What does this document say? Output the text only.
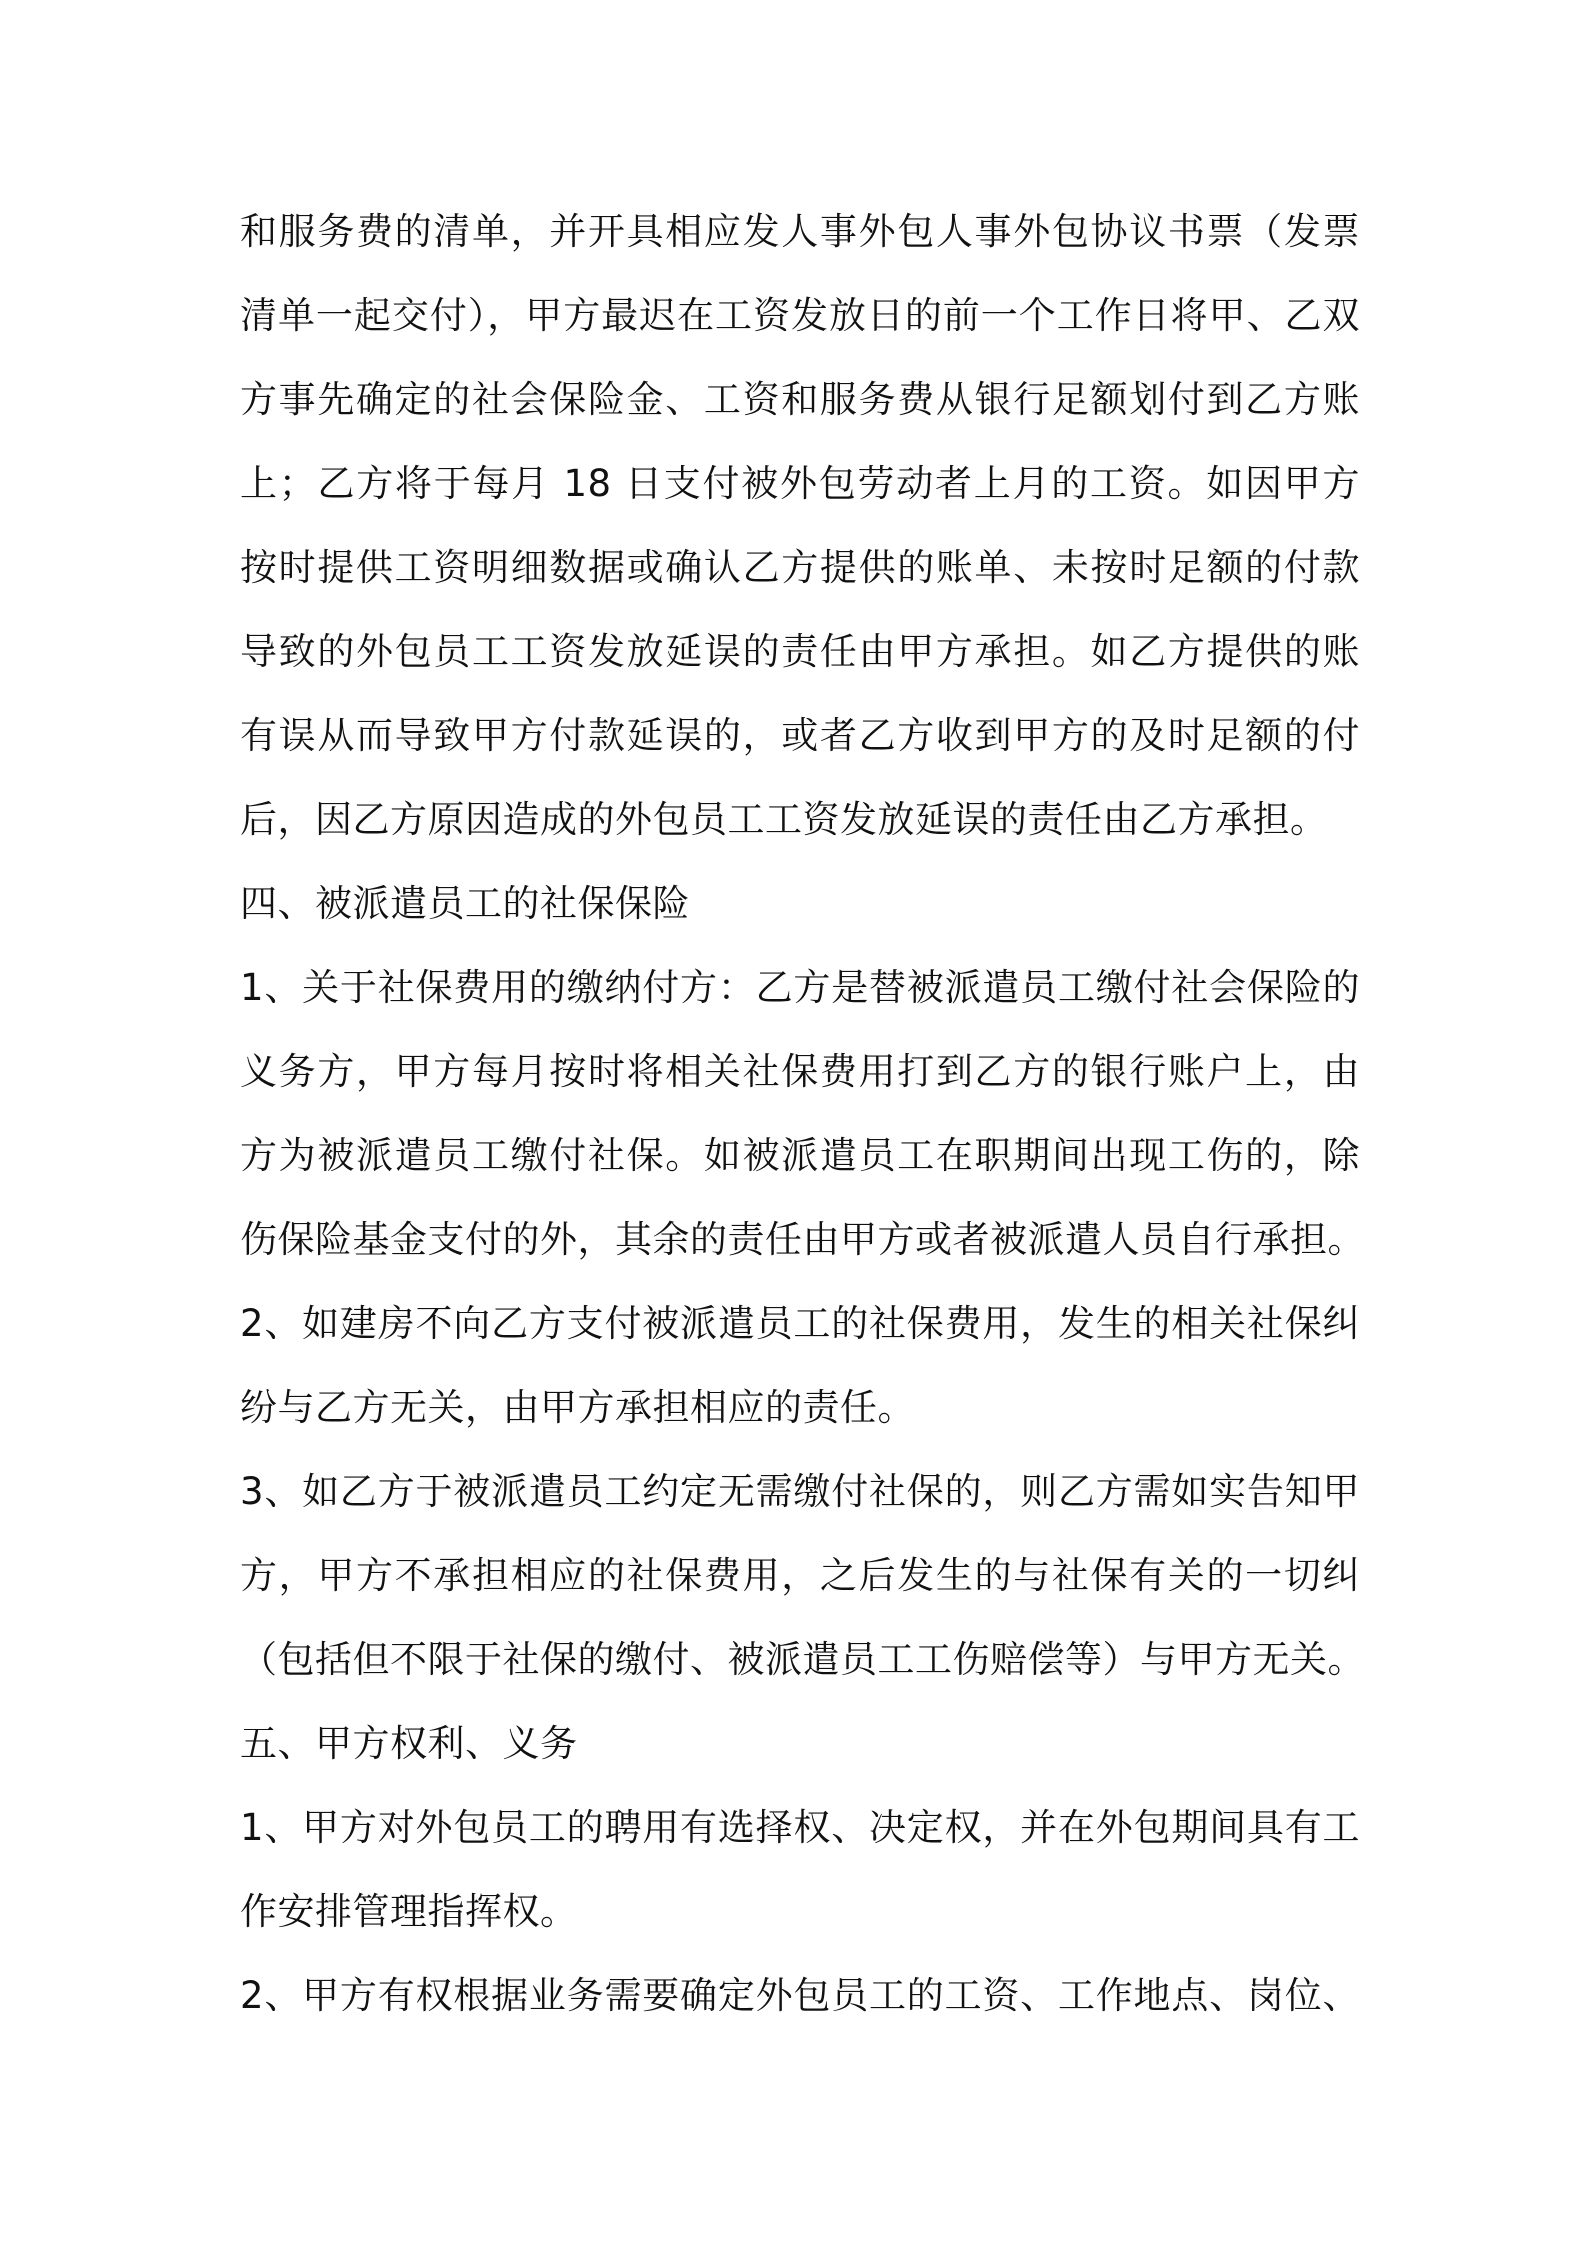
和服务费的清单，并开具相应发人事外包人事外包协议书票（发票
清单一起交付），甲方最迟在工资发放日的前一个工作日将甲、乙双
方事先确定的社会保险金、工资和服务费从银行足额划付到乙方账
上；乙方将于每月 18 日支付被外包劳动者上月的工资。如因甲方
按时提供工资明细数据或确认乙方提供的账单、未按时足额的付款
导致的外包员工工资发放延误的责任由甲方承担。如乙方提供的账
有误从而导致甲方付款延误的，或者乙方收到甲方的及时足额的付
后，因乙方原因造成的外包员工工资发放延误的责任由乙方承担。
四、被派遣员工的社保保险
1、关于社保费用的缴纳付方：乙方是替被派遣员工缴付社会保险的
义务方，甲方每月按时将相关社保费用打到乙方的银行账户上，由
方为被派遣员工缴付社保。如被派遣员工在职期间出现工伤的，除
伤保险基金支付的外，其余的责任由甲方或者被派遣人员自行承担。
2、如建房不向乙方支付被派遣员工的社保费用，发生的相关社保纠
纷与乙方无关，由甲方承担相应的责任。
3、如乙方于被派遣员工约定无需缴付社保的，则乙方需如实告知甲
方，甲方不承担相应的社保费用，之后发生的与社保有关的一切纠
（包括但不限于社保的缴付、被派遣员工工伤赔偿等）与甲方无关。
五、甲方权利、义务
1、甲方对外包员工的聘用有选择权、决定权，并在外包期间具有工
作安排管理指挥权。
2、甲方有权根据业务需要确定外包员工的工资、工作地点、岗位、
